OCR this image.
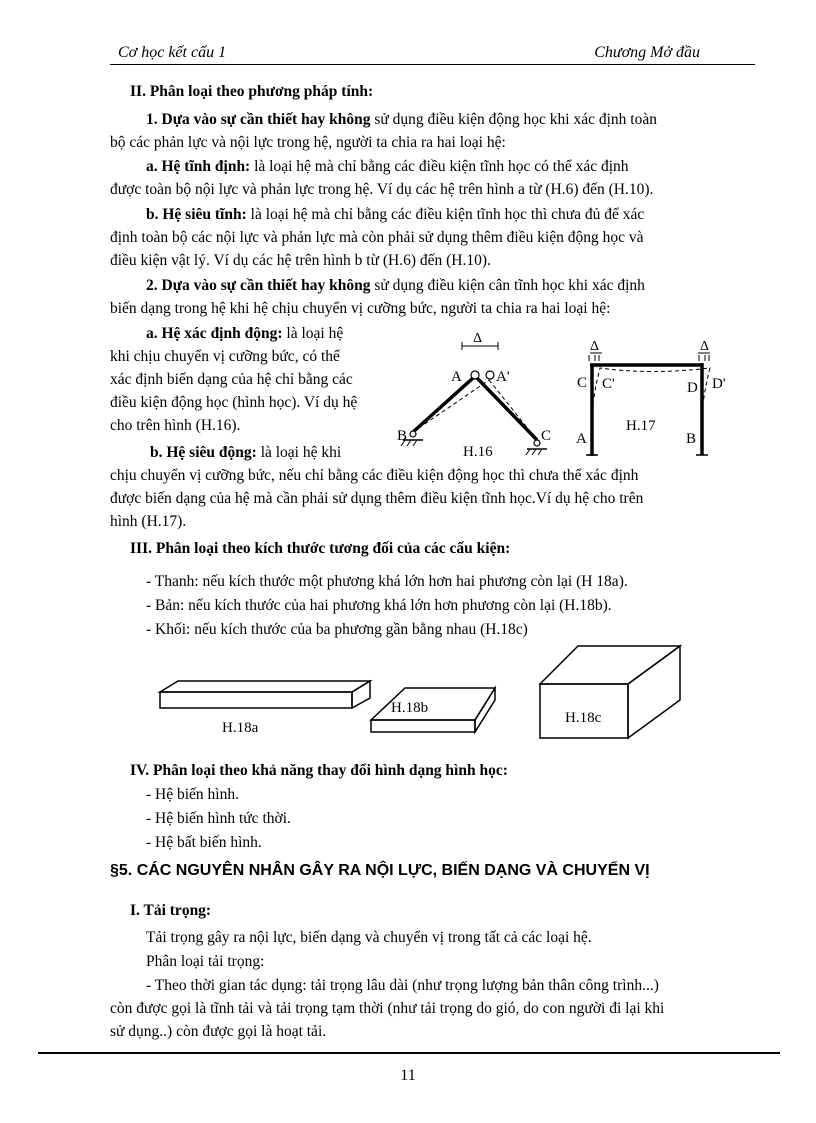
Cơ học kết cấu 1	Chương Mở đầu
II. Phân loại theo phương pháp tính:
1. Dựa vào sự cần thiết hay không sử dụng điều kiện động học khi xác định toàn
bộ các phản lực và nội lực trong hệ, người ta chia ra hai loại hệ:
a. Hệ tĩnh định: là loại hệ mà chỉ bằng các điều kiện tĩnh học có thể xác định
được toàn bộ nội lực và phản lực trong hệ. Ví dụ các hệ trên hình a từ (H.6) đến (H.10).
b. Hệ siêu tĩnh: là loại hệ mà chỉ bằng các điều kiện tĩnh học thì chưa đủ để xác
định toàn bộ các nội lực và phản lực mà còn phải sử dụng thêm điều kiện động học và
điều kiện vật lý. Ví dụ các hệ trên hình b từ (H.6) đến (H.10).
2. Dựa vào sự cần thiết hay không sử dụng điều kiện cân tĩnh học khi xác định
biến dạng trong hệ khi hệ chịu chuyển vị cưỡng bức, người ta chia ra hai loại hệ:
a. Hệ xác định động: là loại hệ
khi chịu chuyển vị cưỡng bức, có thể
xác định biến dạng của hệ chỉ bằng các
điều kiện động học (hình học). Ví dụ hệ
cho trên hình (H.16).
b. Hệ siêu động: là loại hệ khi
chịu chuyển vị cưỡng bức, nếu chỉ bằng các điều kiện động học thì chưa thể xác định
được biến dạng của hệ mà cần phải sử dụng thêm điều kiện tĩnh học.Ví dụ hệ cho trên
hình (H.17).
Δ
A A'
B	C
H.16
Δ	Δ
C C'	D D'
A	B
H.17
III. Phân loại theo kích thước tương đối của các cấu kiện:
- Thanh: nếu kích thước một phương khá lớn hơn hai phương còn lại (H 18a).
- Bản: nếu kích thước của hai phương khá lớn hơn phương còn lại (H.18b).
- Khối: nếu kích thước của ba phương gần bằng nhau (H.18c)
H.18a
H.18b
H.18c
IV. Phân loại theo khả năng thay đổi hình dạng hình học:
- Hệ biến hình.
- Hệ biến hình tức thời.
- Hệ bất biến hình.
§5. CÁC NGUYÊN NHÂN GÂY RA NỘI LỰC, BIẾN DẠNG VÀ CHUYỂN VỊ
I. Tải trọng:
Tải trọng gây ra nội lực, biến dạng và chuyển vị trong tất cả các loại hệ.
Phân loại tải trọng:
- Theo thời gian tác dụng: tải trọng lâu dài (như trọng lượng bản thân công trình...)
còn được gọi là tĩnh tải và tải trọng tạm thời (như tải trọng do gió, do con người đi lại khi
sử dụng..) còn được gọi là hoạt tải.
11
